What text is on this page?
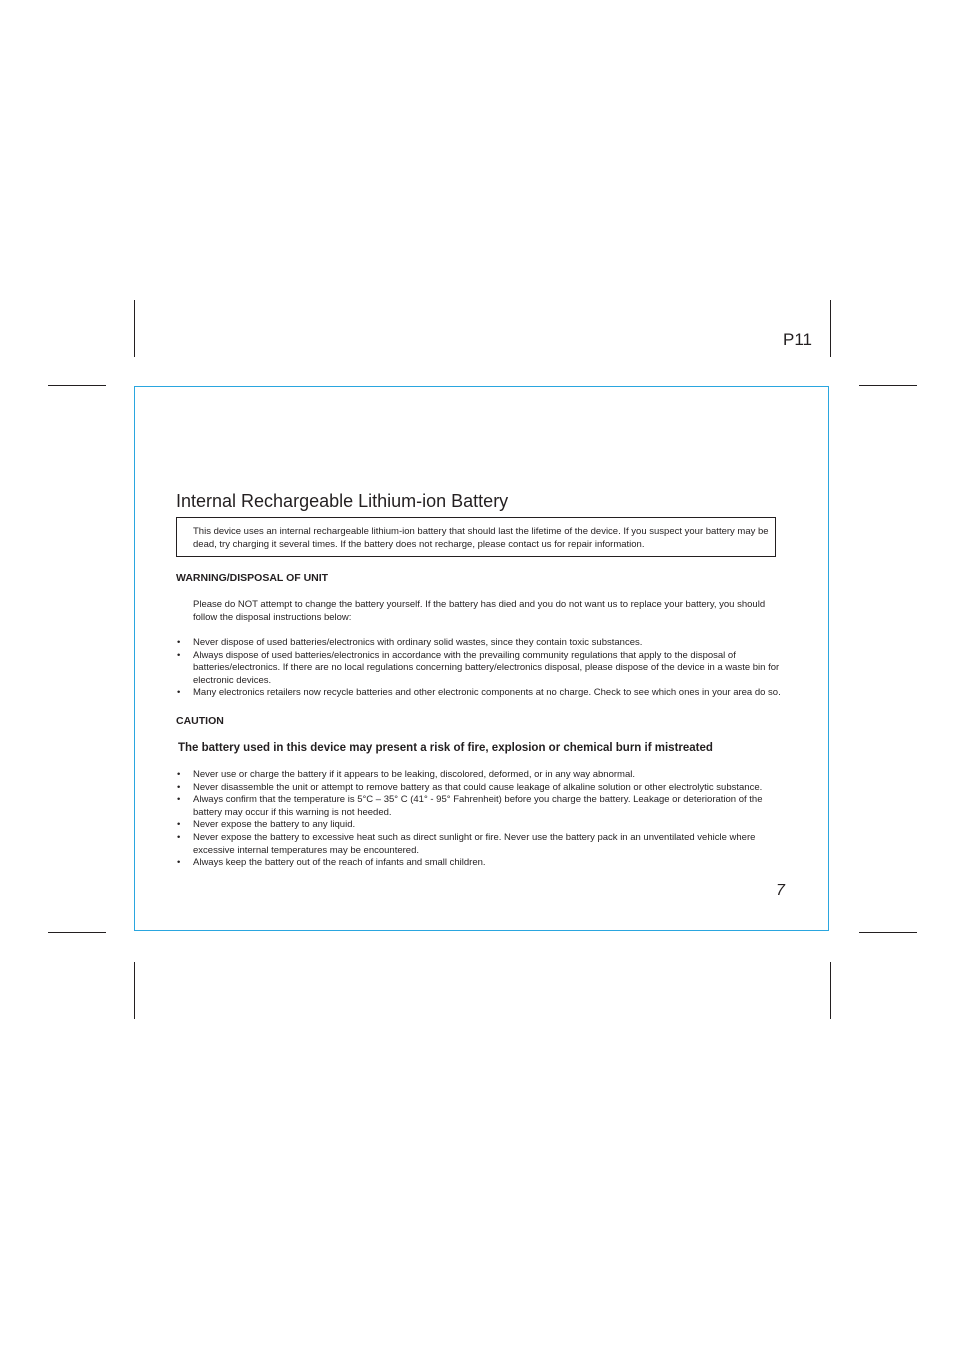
P11
Internal Rechargeable Lithium-ion Battery
This device uses an internal rechargeable lithium-ion battery that should last the lifetime of the device. If you suspect your battery may be dead, try charging it several times. If the battery does not recharge, please contact us for repair information.
WARNING/DISPOSAL OF UNIT
Please do NOT attempt to change the battery yourself. If the battery has died and you do not want us to replace your battery, you should follow the disposal instructions below:
• Never dispose of used batteries/electronics with ordinary solid wastes, since they contain toxic substances.
• Always dispose of used batteries/electronics in accordance with the prevailing community regulations that apply to the disposal of batteries/electronics. If there are no local regulations concerning battery/electronics disposal, please dispose of the device in a waste bin for electronic devices.
• Many electronics retailers now recycle batteries and other electronic components at no charge. Check to see which ones in your area do so.
CAUTION
The battery used in this device may present a risk of fire, explosion or chemical burn if mistreated
• Never use or charge the battery if it appears to be leaking, discolored, deformed, or in any way abnormal.
• Never disassemble the unit or attempt to remove battery as that could cause leakage of alkaline solution or other electrolytic substance.
• Always confirm that the temperature is 5°C – 35° C (41° - 95° Fahrenheit) before you charge the battery. Leakage or deterioration of the battery may occur if this warning is not heeded.
• Never expose the battery to any liquid.
• Never expose the battery to excessive heat such as direct sunlight or fire. Never use the battery pack in an unventilated vehicle where excessive internal temperatures may be encountered.
• Always keep the battery out of the reach of infants and small children.
7
